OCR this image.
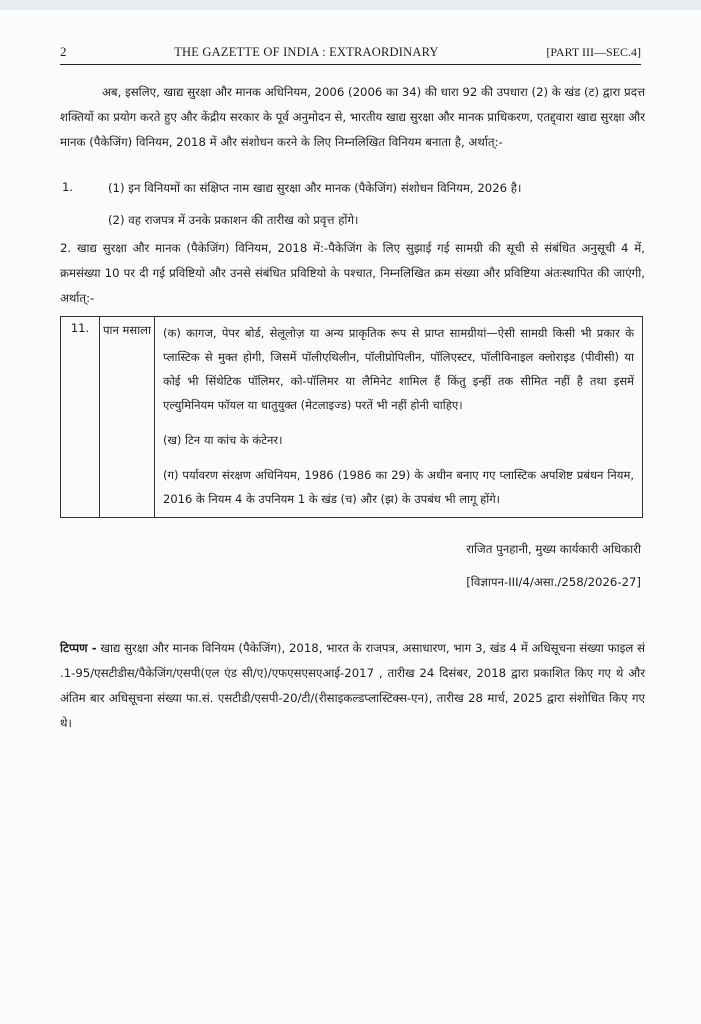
2	THE GAZETTE OF INDIA : EXTRAORDINARY	[PART III—SEC.4]
अब, इसलिए, खाद्य सुरक्षा और मानक अधिनियम, 2006 (2006 का 34) की धारा 92 की उपधारा (2) के खंड (ट) द्वारा प्रदत्त शक्तियों का प्रयोग करते हुए और केंद्रीय सरकार के पूर्व अनुमोदन से, भारतीय खाद्य सुरक्षा और मानक प्राधिकरण, एतद्द्वारा खाद्य सुरक्षा और मानक (पैकेजिंग) विनियम, 2018 में और संशोधन करने के लिए निम्नलिखित विनियम बनाता है, अर्थात्:-
1.	(1) इन विनियमों का संक्षिप्त नाम खाद्य सुरक्षा और मानक (पैकेजिंग) संशोधन विनियम, 2026 है।
(2) वह राजपत्र में उनके प्रकाशन की तारीख को प्रवृत्त होंगे।
2. खाद्य सुरक्षा और मानक (पैकेजिंग) विनियम, 2018 में:-पैकेजिंग के लिए सुझाई गई सामग्री की सूची से संबंधित अनुसूची 4 में, क्रमसंख्या 10 पर दी गई प्रविष्टियो और उनसे संबंधित प्रविष्टियो के पश्चात, निम्नलिखित क्रम संख्या और प्रविष्टिया अंतःस्थापित की जाएंगी, अर्थात्:-
11.	पान मसाला	(क) कागज, पेपर बोर्ड, सेलूलोज़ या अन्य प्राकृतिक रूप से प्राप्त सामग्रीयां—ऐसी सामग्री किसी भी प्रकार के प्लास्टिक से मुक्त होगी, जिसमें पॉलीएथिलीन, पॉलीप्रोपिलीन, पॉलिएस्टर, पॉलीविनाइल क्लोराइड (पीवीसी) या कोई भी सिंथेटिक पॉलिमर, को-पॉलिमर या लैमिनेट शामिल हैं किंतु इन्हीं तक सीमित नहीं है तथा इसमें एल्युमिनियम फॉयल या धातुयुक्त (मेटलाइज्ड) परतें भी नहीं होनी चाहिए।

(ख) टिन या कांच के कंटेनर।

(ग) पर्यावरण संरक्षण अधिनियम, 1986 (1986 का 29) के अधीन बनाए गए प्लास्टिक अपशिष्ट प्रबंधन नियम, 2016 के नियम 4 के उपनियम 1 के खंड (च) और (झ) के उपबंध भी लागू होंगे।

राजित पुनहानी, मुख्य कार्यकारी अधिकारी
[विज्ञापन-III/4/असा./258/2026-27]
टिप्पण - खाद्य सुरक्षा और मानक विनियम (पैकेजिंग), 2018, भारत के राजपत्र, असाधारण, भाग 3, खंड 4 में अधिसूचना संख्या फाइल सं .1-95/एसटीडीस/पैकेजिंग/एसपी(एल एंड सी/ए)/एफएसएसएआई-2017 , तारीख 24 दिसंबर, 2018 द्वारा प्रकाशित किए गए थे और अंतिम बार अधिसूचना संख्या फा.सं. एसटीडी/एसपी-20/टी/(रीसाइकल्डप्लास्टिक्स-एन), तारीख 28 मार्च, 2025 द्वारा संशोधित किए गए थे।
